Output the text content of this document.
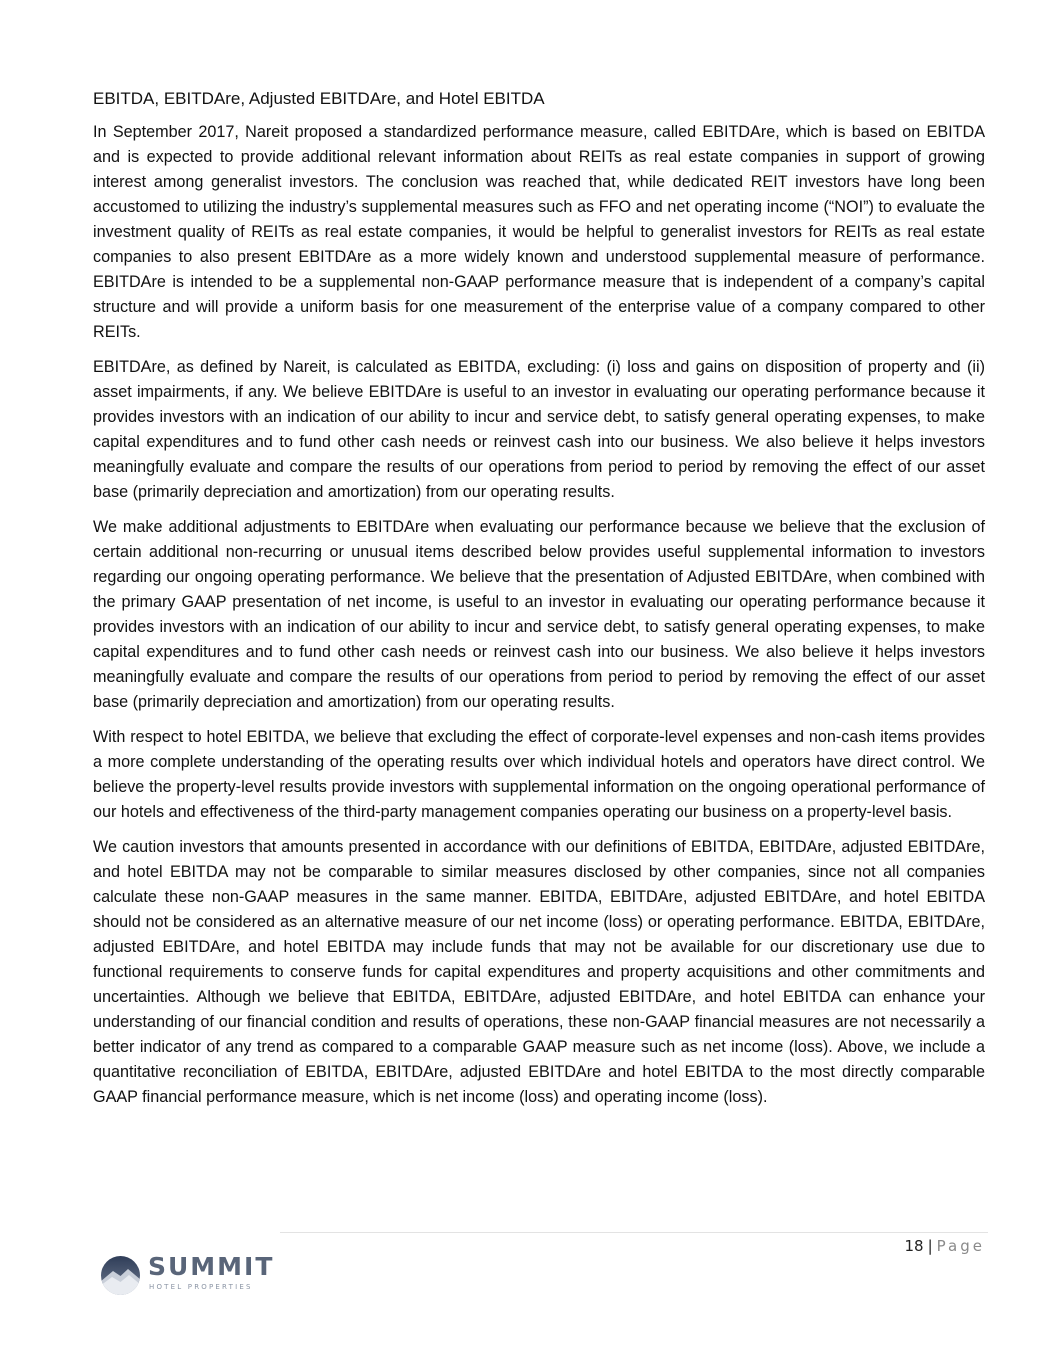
EBITDA, EBITDAre, Adjusted EBITDAre, and Hotel EBITDA

In September 2017, Nareit proposed a standardized performance measure, called EBITDAre, which is based on EBITDA and is expected to provide additional relevant information about REITs as real estate companies in support of growing interest among generalist investors. The conclusion was reached that, while dedicated REIT investors have long been accustomed to utilizing the industry’s supplemental measures such as FFO and net operating income (“NOI”) to evaluate the investment quality of REITs as real estate companies, it would be helpful to generalist investors for REITs as real estate companies to also present EBITDAre as a more widely known and understood supplemental measure of performance. EBITDAre is intended to be a supplemental non-GAAP performance measure that is independent of a company’s capital structure and will provide a uniform basis for one measurement of the enterprise value of a company compared to other REITs.

EBITDAre, as defined by Nareit, is calculated as EBITDA, excluding: (i) loss and gains on disposition of property and (ii) asset impairments, if any. We believe EBITDAre is useful to an investor in evaluating our operating performance because it provides investors with an indication of our ability to incur and service debt, to satisfy general operating expenses, to make capital expenditures and to fund other cash needs or reinvest cash into our business. We also believe it helps investors meaningfully evaluate and compare the results of our operations from period to period by removing the effect of our asset base (primarily depreciation and amortization) from our operating results.

We make additional adjustments to EBITDAre when evaluating our performance because we believe that the exclusion of certain additional non-recurring or unusual items described below provides useful supplemental information to investors regarding our ongoing operating performance. We believe that the presentation of Adjusted EBITDAre, when combined with the primary GAAP presentation of net income, is useful to an investor in evaluating our operating performance because it provides investors with an indication of our ability to incur and service debt, to satisfy general operating expenses, to make capital expenditures and to fund other cash needs or reinvest cash into our business. We also believe it helps investors meaningfully evaluate and compare the results of our operations from period to period by removing the effect of our asset base (primarily depreciation and amortization) from our operating results.

With respect to hotel EBITDA, we believe that excluding the effect of corporate-level expenses and non-cash items provides a more complete understanding of the operating results over which individual hotels and operators have direct control. We believe the property-level results provide investors with supplemental information on the ongoing operational performance of our hotels and effectiveness of the third-party management companies operating our business on a property-level basis.

We caution investors that amounts presented in accordance with our definitions of EBITDA, EBITDAre, adjusted EBITDAre, and hotel EBITDA may not be comparable to similar measures disclosed by other companies, since not all companies calculate these non-GAAP measures in the same manner. EBITDA, EBITDAre, adjusted EBITDAre, and hotel EBITDA should not be considered as an alternative measure of our net income (loss) or operating performance. EBITDA, EBITDAre, adjusted EBITDAre, and hotel EBITDA may include funds that may not be available for our discretionary use due to functional requirements to conserve funds for capital expenditures and property acquisitions and other commitments and uncertainties. Although we believe that EBITDA, EBITDAre, adjusted EBITDAre, and hotel EBITDA can enhance your understanding of our financial condition and results of operations, these non-GAAP financial measures are not necessarily a better indicator of any trend as compared to a comparable GAAP measure such as net income (loss). Above, we include a quantitative reconciliation of EBITDA, EBITDAre, adjusted EBITDAre and hotel EBITDA to the most directly comparable GAAP financial performance measure, which is net income (loss) and operating income (loss).

18 | Page
SUMMIT
HOTEL PROPERTIES
